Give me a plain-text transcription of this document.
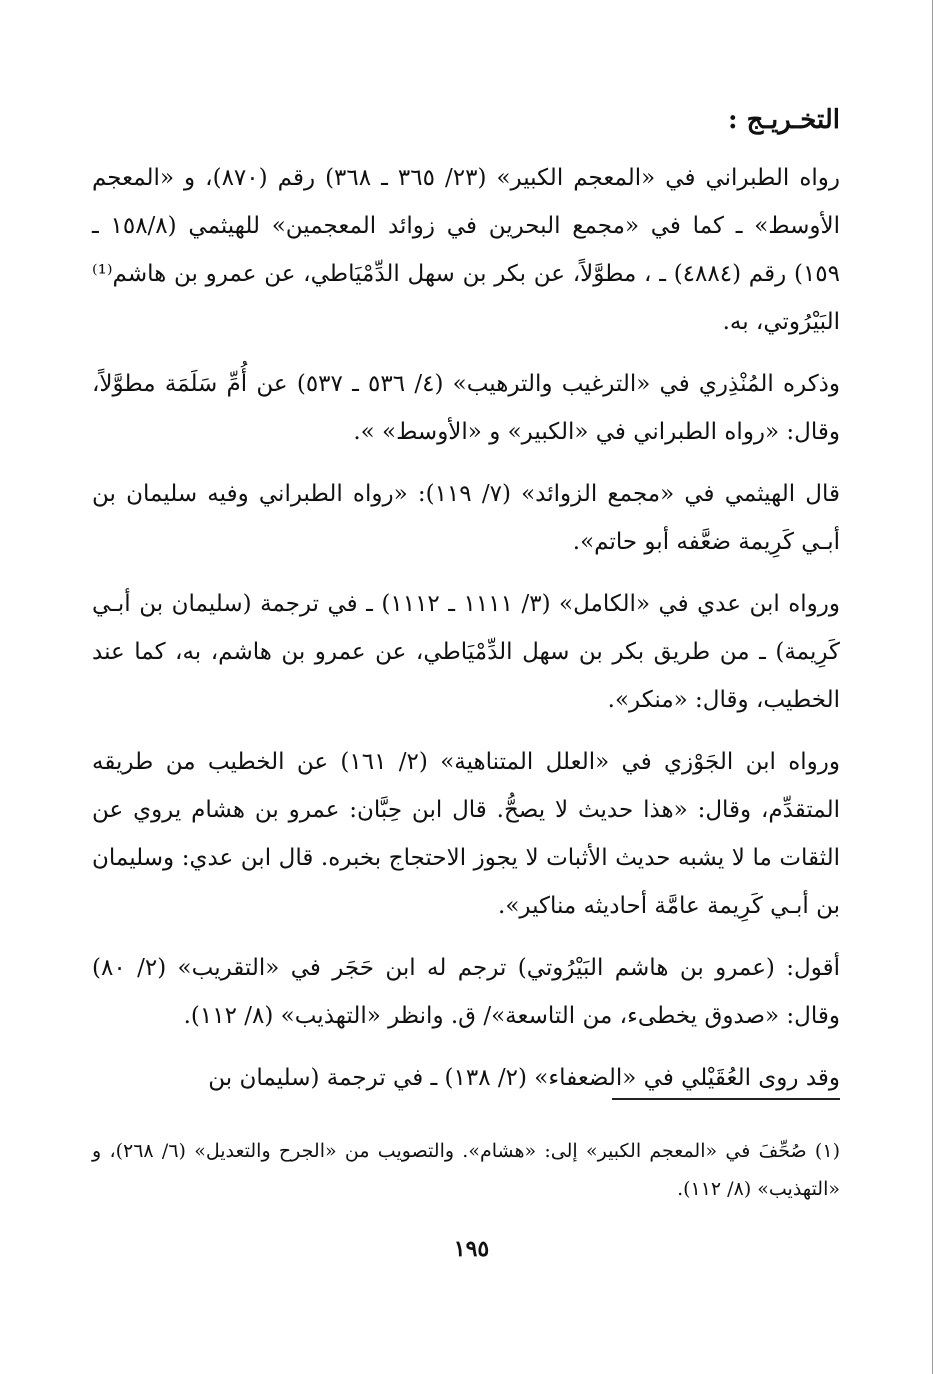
التخـريـج :

رواه الطبراني في «المعجم الكبير» (٢٣/ ٣٦٥ ـ ٣٦٨) رقم (٨٧٠)، و «المعجم الأوسط» ـ كما في «مجمع البحرين في زوائد المعجمين» للهيثمي (١٥٨/٨ ـ ١٥٩) رقم (٤٨٨٤) ـ ، مطوَّلاً، عن بكر بن سهل الدِّمْيَاطي، عن عمرو بن هاشم⁽¹⁾ البَيْرُوتي، به.

وذكره المُنْذِري في «الترغيب والترهيب» (٤/ ٥٣٦ ـ ٥٣٧) عن أُمِّ سَلَمَة مطوَّلاً، وقال: «رواه الطبراني في «الكبير» و «الأوسط» ».

قال الهيثمي في «مجمع الزوائد» (٧/ ١١٩): «رواه الطبراني وفيه سليمان بن أبـي كَرِيمة ضعَّفه أبو حاتم».

ورواه ابن عدي في «الكامل» (٣/ ١١١١ ـ ١١١٢) ـ في ترجمة (سليمان بن أبـي كَرِيمة) ـ من طريق بكر بن سهل الدِّمْيَاطي، عن عمرو بن هاشم، به، كما عند الخطيب، وقال: «منكر».

ورواه ابن الجَوْزي في «العلل المتناهية» (٢/ ١٦١) عن الخطيب من طريقه المتقدِّم، وقال: «هذا حديث لا يصحُّ. قال ابن حِبَّان: عمرو بن هشام يروي عن الثقات ما لا يشبه حديث الأثبات لا يجوز الاحتجاج بخبره. قال ابن عدي: وسليمان بن أبـي كَرِيمة عامَّة أحاديثه مناكير».

أقول: (عمرو بن هاشم البَيْرُوتي) ترجم له ابن حَجَر في «التقريب» (٢/ ٨٠) وقال: «صدوق يخطىء، من التاسعة»/ ق. وانظر «التهذيب» (٨/ ١١٢).

وقد روى العُقَيْلي في «الضعفاء» (٢/ ١٣٨) ـ في ترجمة (سليمان بن

(١) صُحِّفَ في «المعجم الكبير» إلى: «هشام». والتصويب من «الجرح والتعديل» (٦/ ٢٦٨)، و «التهذيب» (٨/ ١١٢).
١٩٥
